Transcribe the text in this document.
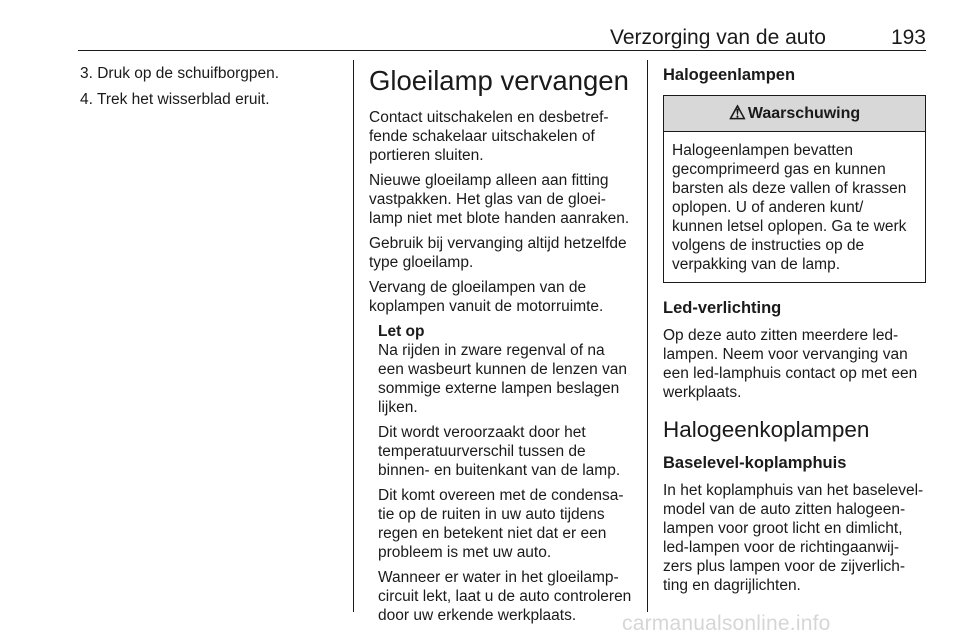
Verzorging van de auto	193
3. Druk op de schuifborgpen.
4. Trek het wisserblad eruit.
Gloeilamp vervangen
Contact uitschakelen en desbetref-
fende schakelaar uitschakelen of
portieren sluiten.
Nieuwe gloeilamp alleen aan fitting
vastpakken. Het glas van de gloei-
lamp niet met blote handen aanraken.
Gebruik bij vervanging altijd hetzelfde
type gloeilamp.
Vervang de gloeilampen van de
koplampen vanuit de motorruimte.
Let op
Na rijden in zware regenval of na
een wasbeurt kunnen de lenzen van
sommige externe lampen beslagen
lijken.
Dit wordt veroorzaakt door het
temperatuurverschil tussen de
binnen- en buitenkant van de lamp.
Dit komt overeen met de condensa-
tie op de ruiten in uw auto tijdens
regen en betekent niet dat er een
probleem is met uw auto.
Wanneer er water in het gloeilamp-
circuit lekt, laat u de auto controleren
door uw erkende werkplaats.
Halogeenlampen
⚠ Waarschuwing
Halogeenlampen bevatten
gecomprimeerd gas en kunnen
barsten als deze vallen of krassen
oplopen. U of anderen kunt/
kunnen letsel oplopen. Ga te werk
volgens de instructies op de
verpakking van de lamp.
Led-verlichting
Op deze auto zitten meerdere led-
lampen. Neem voor vervanging van
een led-lamphuis contact op met een
werkplaats.
Halogeenkoplampen
Baselevel-koplamphuis
In het koplamphuis van het baselevel-
model van de auto zitten halogeen-
lampen voor groot licht en dimlicht,
led-lampen voor de richtingaanwij-
zers plus lampen voor de zijverlich-
ting en dagrijlichten.
carmanualsonline.info
